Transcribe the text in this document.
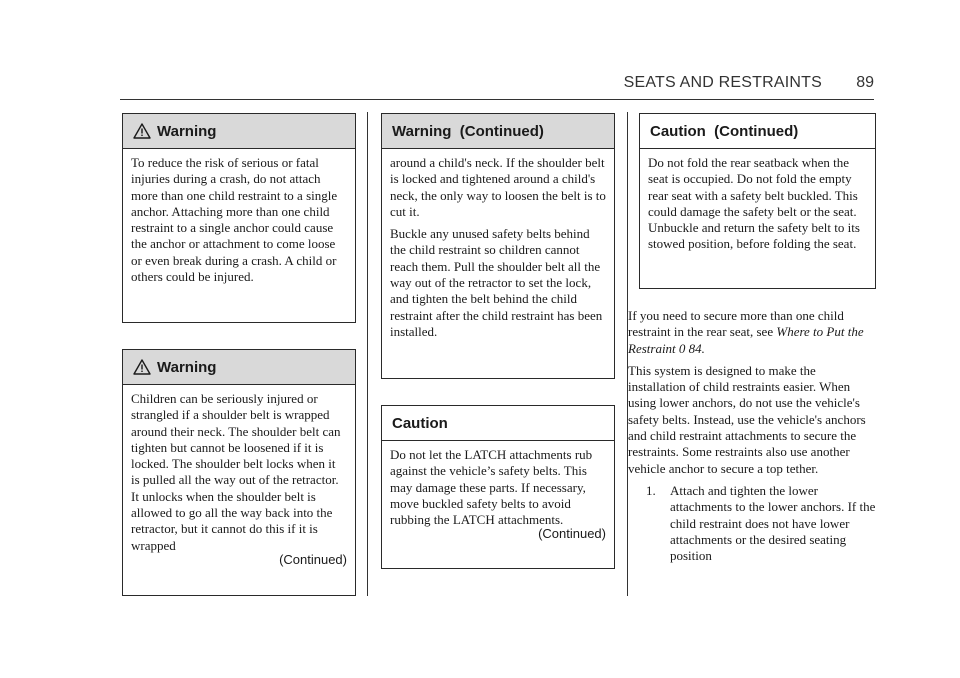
SEATS AND RESTRAINTS 89
Warning

To reduce the risk of serious or fatal injuries during a crash, do not attach more than one child restraint to a single anchor. Attaching more than one child restraint to a single anchor could cause the anchor or attachment to come loose or even break during a crash. A child or others could be injured.

Warning

Children can be seriously injured or strangled if a shoulder belt is wrapped around their neck. The shoulder belt can tighten but cannot be loosened if it is locked. The shoulder belt locks when it is pulled all the way out of the retractor. It unlocks when the shoulder belt is allowed to go all the way back into the retractor, but it cannot do this if it is wrapped

(Continued)
Warning  (Continued)

around a child's neck. If the shoulder belt is locked and tightened around a child's neck, the only way to loosen the belt is to cut it.

Buckle any unused safety belts behind the child restraint so children cannot reach them. Pull the shoulder belt all the way out of the retractor to set the lock, and tighten the belt behind the child restraint after the child restraint has been installed.

Caution

Do not let the LATCH attachments rub against the vehicle’s safety belts. This may damage these parts. If necessary, move buckled safety belts to avoid rubbing the LATCH attachments.

(Continued)
Caution  (Continued)

Do not fold the rear seatback when the seat is occupied. Do not fold the empty rear seat with a safety belt buckled. This could damage the safety belt or the seat. Unbuckle and return the safety belt to its stowed position, before folding the seat.

If you need to secure more than one child restraint in the rear seat, see Where to Put the Restraint 0 84.

This system is designed to make the installation of child restraints easier. When using lower anchors, do not use the vehicle's safety belts. Instead, use the vehicle's anchors and child restraint attachments to secure the restraints. Some restraints also use another vehicle anchor to secure a top tether.

1. Attach and tighten the lower attachments to the lower anchors. If the child restraint does not have lower attachments or the desired seating position
